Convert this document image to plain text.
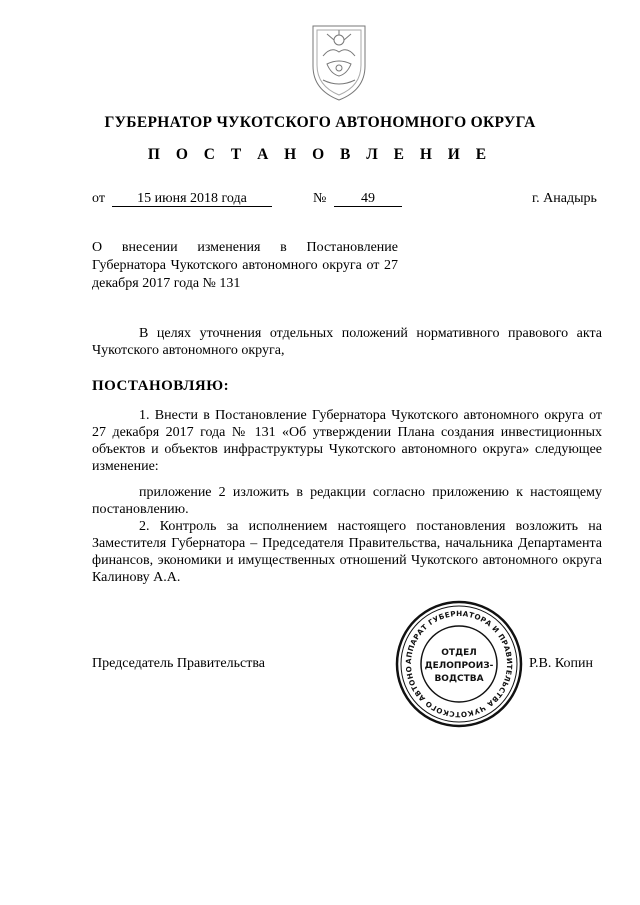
ГУБЕРНАТОР ЧУКОТСКОГО АВТОНОМНОГО ОКРУГА
П О С Т А Н О В Л Е Н И Е
от	15 июня 2018 года	№	49	г. Анадырь
О внесении изменения в Постановление Губернатора Чукотского автономного округа от 27 декабря 2017 года № 131
В целях уточнения отдельных положений нормативного правового акта Чукотского автономного округа,
ПОСТАНОВЛЯЮ:
1. Внести в Постановление Губернатора Чукотского автономного округа от 27 декабря 2017 года № 131 «Об утверждении Плана создания инвестиционных объектов и объектов инфраструктуры Чукотского автономного округа» следующее изменение:
приложение 2 изложить в редакции согласно приложению к настоящему постановлению.
2. Контроль за исполнением настоящего постановления возложить на Заместителя Губернатора – Председателя Правительства, начальника Департамента финансов, экономики и имущественных отношений Чукотского автономного округа Калинову А.А.
Председатель Правительства	Р.В. Копин
АППАРАТ ГУБЕРНАТОРА И ПРАВИТЕЛЬСТВА ЧУКОТСКОГО АВТОНО
ОТДЕЛ
ДЕЛОПРОИЗ-
ВОДСТВА
